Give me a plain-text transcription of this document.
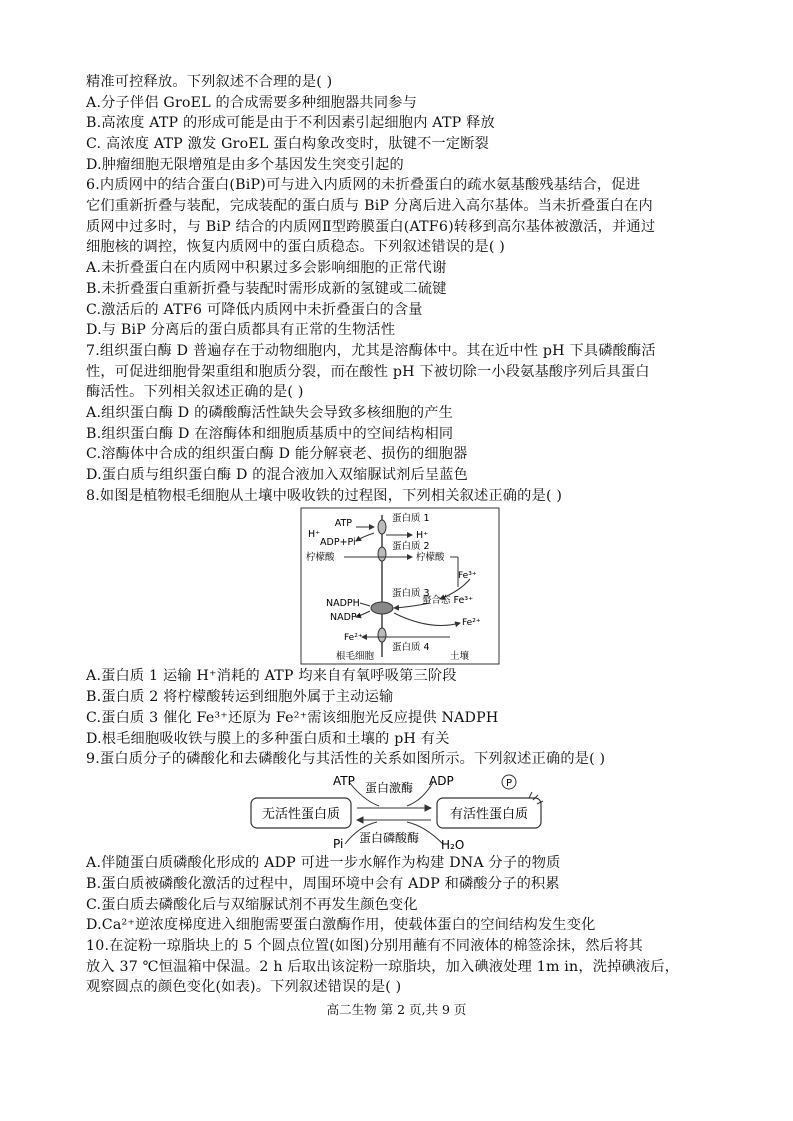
精准可控释放。下列叙述不合理的是( )
A.分子伴侣 GroEL 的合成需要多种细胞器共同参与
B.高浓度 ATP 的形成可能是由于不利因素引起细胞内 ATP 释放
C. 高浓度 ATP 激发 GroEL 蛋白构象改变时，肽键不一定断裂
D.肿瘤细胞无限增殖是由多个基因发生突变引起的
6.内质网中的结合蛋白(BiP)可与进入内质网的未折叠蛋白的疏水氨基酸残基结合，促进
它们重新折叠与装配，完成装配的蛋白质与 BiP 分离后进入高尔基体。当未折叠蛋白在内
质网中过多时，与 BiP 结合的内质网Ⅱ型跨膜蛋白(ATF6)转移到高尔基体被激活，并通过
细胞核的调控，恢复内质网中的蛋白质稳态。下列叙述错误的是( )
A.未折叠蛋白在内质网中积累过多会影响细胞的正常代谢
B.未折叠蛋白重新折叠与装配时需形成新的氢键或二硫键
C.激活后的 ATF6 可降低内质网中未折叠蛋白的含量
D.与 BiP 分离后的蛋白质都具有正常的生物活性
7.组织蛋白酶 D 普遍存在于动物细胞内，尤其是溶酶体中。其在近中性 pH 下具磷酸酶活
性，可促进细胞骨架重组和胞质分裂，而在酸性 pH 下被切除一小段氨基酸序列后具蛋白
酶活性。下列相关叙述正确的是( )
A.组织蛋白酶 D 的磷酸酶活性缺失会导致多核细胞的产生
B.组织蛋白酶 D 在溶酶体和细胞质基质中的空间结构相同
C.溶酶体中合成的组织蛋白酶 D 能分解衰老、损伤的细胞器
D.蛋白质与组织蛋白酶 D 的混合液加入双缩脲试剂后呈蓝色
8.如图是植物根毛细胞从土壤中吸收铁的过程图，下列相关叙述正确的是( )
蛋白质 1
ATP
ADP+Pi
H⁺	H⁺
蛋白质 2
柠檬酸	柠檬酸
Fe³⁺
蛋白质 3
螯合态 Fe³⁺
NADPH
NADP⁺	Fe²⁺
Fe²⁺
蛋白质 4
根毛细胞	土壤
A.蛋白质 1 运输 H⁺消耗的 ATP 均来自有氧呼吸第三阶段
B.蛋白质 2 将柠檬酸转运到细胞外属于主动运输
C.蛋白质 3 催化 Fe³⁺还原为 Fe²⁺需该细胞光反应提供 NADPH
D.根毛细胞吸收铁与膜上的多种蛋白质和土壤的 pH 有关
9.蛋白质分子的磷酸化和去磷酸化与其活性的关系如图所示。下列叙述正确的是( )
P
ATP 蛋白激酶 ADP
无活性蛋白质	有活性蛋白质
Pi 蛋白磷酸酶 H₂O
A.伴随蛋白质磷酸化形成的 ADP 可进一步水解作为构建 DNA 分子的物质
B.蛋白质被磷酸化激活的过程中，周围环境中会有 ADP 和磷酸分子的积累
C.蛋白质去磷酸化后与双缩脲试剂不再发生颜色变化
D.Ca²⁺逆浓度梯度进入细胞需要蛋白激酶作用，使载体蛋白的空间结构发生变化
10.在淀粉一琼脂块上的 5 个圆点位置(如图)分别用蘸有不同液体的棉签涂抹，然后将其
放入 37 ℃恒温箱中保温。2 h 后取出该淀粉一琼脂块，加入碘液处理 1m in，洗掉碘液后，
观察圆点的颜色变化(如表)。下列叙述错误的是( )
高二生物 第 2 页,共 9 页
